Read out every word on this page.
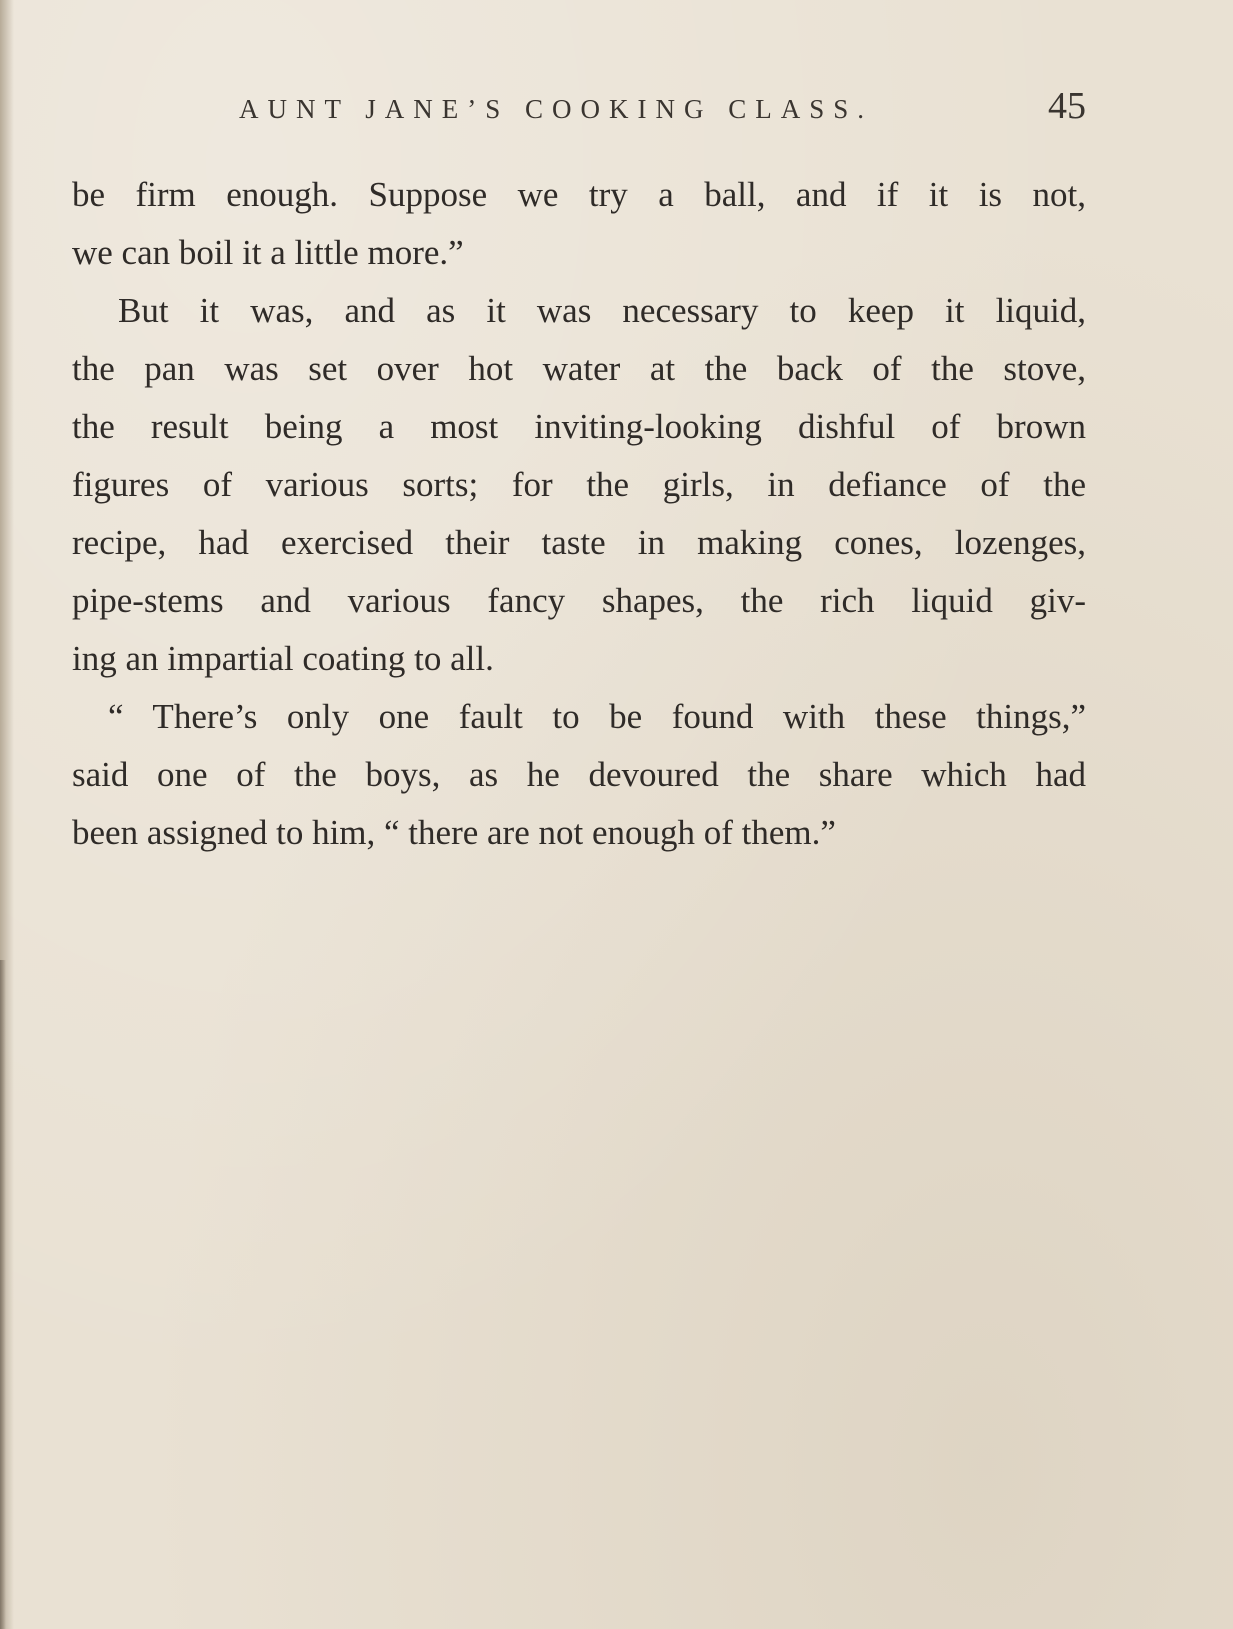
AUNT JANE’S COOKING CLASS.	45
be firm enough. Suppose we try a ball, and if it is not,
we can boil it a little more.”
But it was, and as it was necessary to keep it liquid,
the pan was set over hot water at the back of the stove,
the result being a most inviting-looking dishful of brown
figures of various sorts; for the girls, in defiance of the
recipe, had exercised their taste in making cones, lozenges,
pipe-stems and various fancy shapes, the rich liquid giv-
ing an impartial coating to all.
“ There’s only one fault to be found with these things,”
said one of the boys, as he devoured the share which had
been assigned to him, “ there are not enough of them.”
